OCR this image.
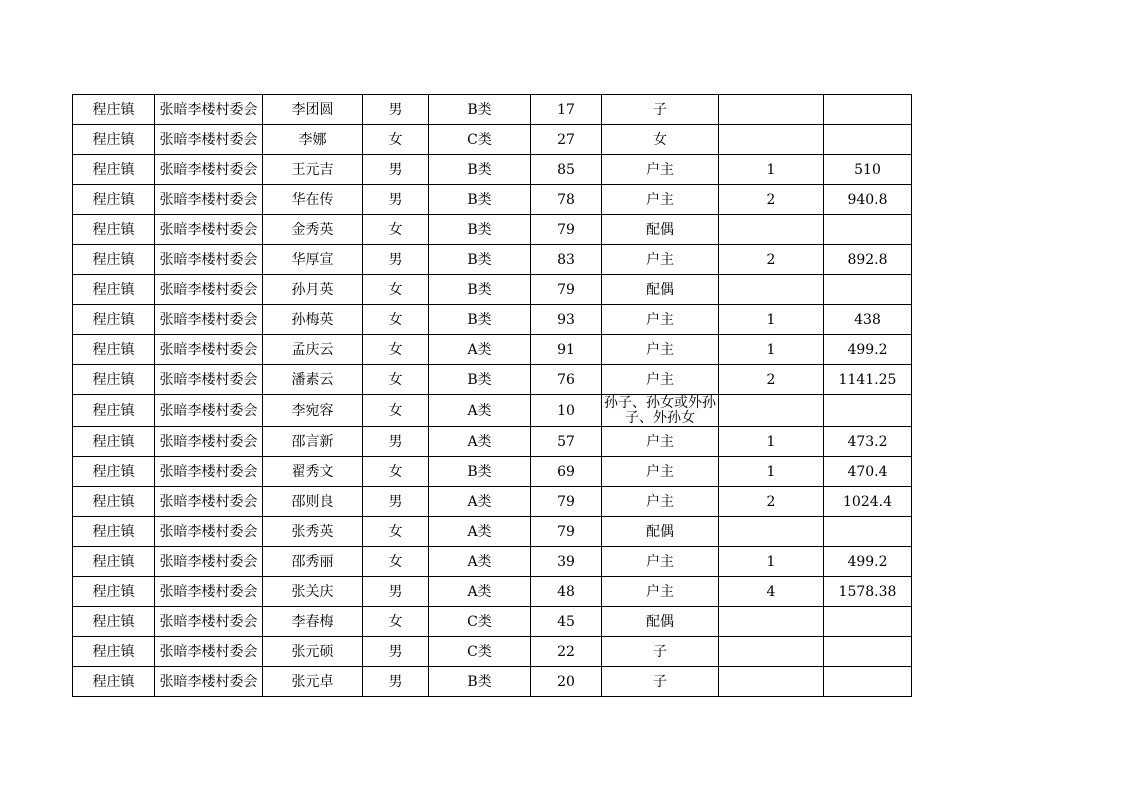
程庄镇	张暗李楼村委会	李团圆	男	B类	17	子		
程庄镇	张暗李楼村委会	李娜	女	C类	27	女		
程庄镇	张暗李楼村委会	王元吉	男	B类	85	户主	1	510
程庄镇	张暗李楼村委会	华在传	男	B类	78	户主	2	940.8
程庄镇	张暗李楼村委会	金秀英	女	B类	79	配偶		
程庄镇	张暗李楼村委会	华厚宣	男	B类	83	户主	2	892.8
程庄镇	张暗李楼村委会	孙月英	女	B类	79	配偶		
程庄镇	张暗李楼村委会	孙梅英	女	B类	93	户主	1	438
程庄镇	张暗李楼村委会	孟庆云	女	A类	91	户主	1	499.2
程庄镇	张暗李楼村委会	潘素云	女	B类	76	户主	2	1141.25
程庄镇	张暗李楼村委会	李宛容	女	A类	10	孙子、孙女或外孙子、外孙女		
程庄镇	张暗李楼村委会	邵言新	男	A类	57	户主	1	473.2
程庄镇	张暗李楼村委会	翟秀文	女	B类	69	户主	1	470.4
程庄镇	张暗李楼村委会	邵则良	男	A类	79	户主	2	1024.4
程庄镇	张暗李楼村委会	张秀英	女	A类	79	配偶		
程庄镇	张暗李楼村委会	邵秀丽	女	A类	39	户主	1	499.2
程庄镇	张暗李楼村委会	张关庆	男	A类	48	户主	4	1578.38
程庄镇	张暗李楼村委会	李春梅	女	C类	45	配偶		
程庄镇	张暗李楼村委会	张元硕	男	C类	22	子		
程庄镇	张暗李楼村委会	张元卓	男	B类	20	子		
